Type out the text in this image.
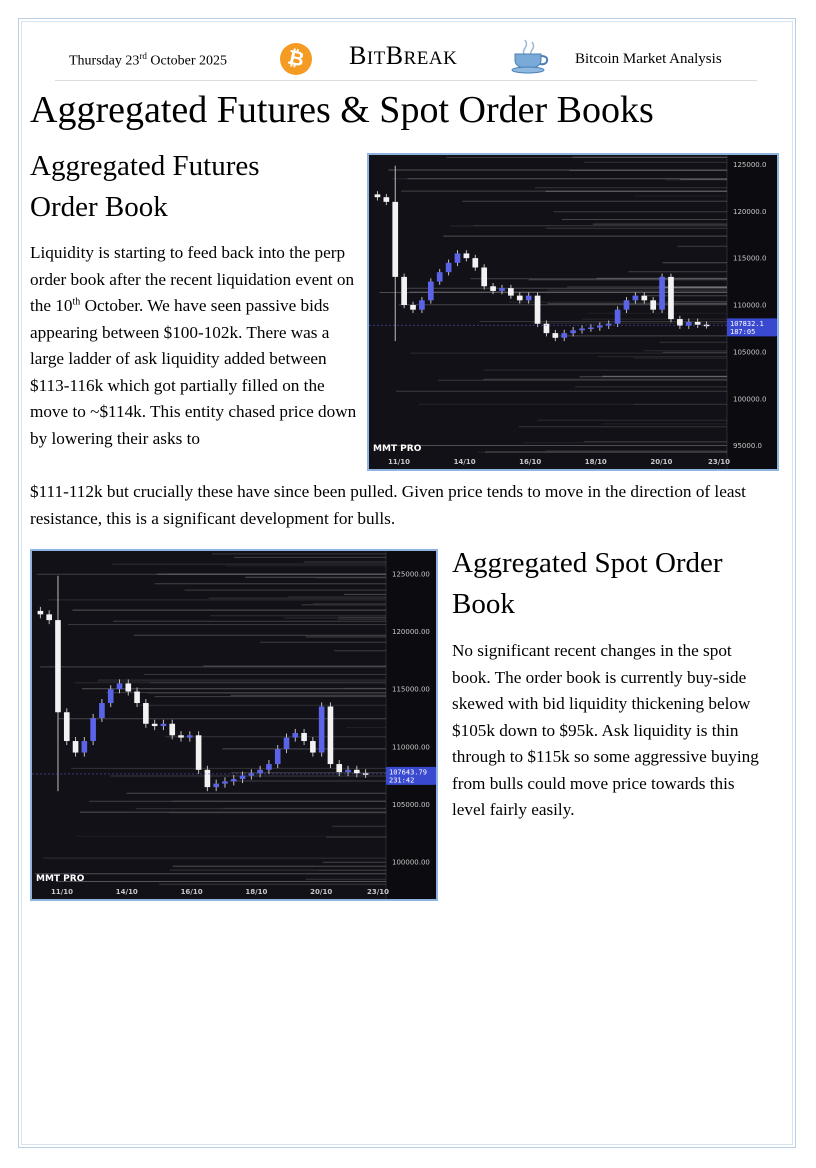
Thursday 23rd October 2025	₿ BITBREAK	Bitcoin Market Analysis
Aggregated Futures & Spot Order Books
Aggregated Futures Order Book

Liquidity is starting to feed back into the perp order book after the recent liquidation event on the 10th October. We have seen passive bids appearing between $100-102k. There was a large ladder of ask liquidity added between $113-116k which got partially filled on the move to ~$114k. This entity chased price down by lowering their asks to

$111-112k but crucially these have since been pulled. Given price tends to move in the direction of least resistance, this is a significant development for bulls.

125000.0
120000.0
115000.0
110000.0
105000.0
100000.0
95000.0
107832.1
187:05
11/10	14/10	16/10	18/10	20/10	23/10
MMT PRO
125000.00
120000.00
115000.00
110000.00
105000.00
100000.00
107643.79
231:42
11/10	14/10	16/10	18/10	20/10	23/10
MMT PRO
Aggregated Spot Order Book

No significant recent changes in the spot book. The order book is currently buy-side skewed with bid liquidity thickening below $105k down to $95k. Ask liquidity is thin through to $115k so some aggressive buying from bulls could move price towards this level fairly easily.
